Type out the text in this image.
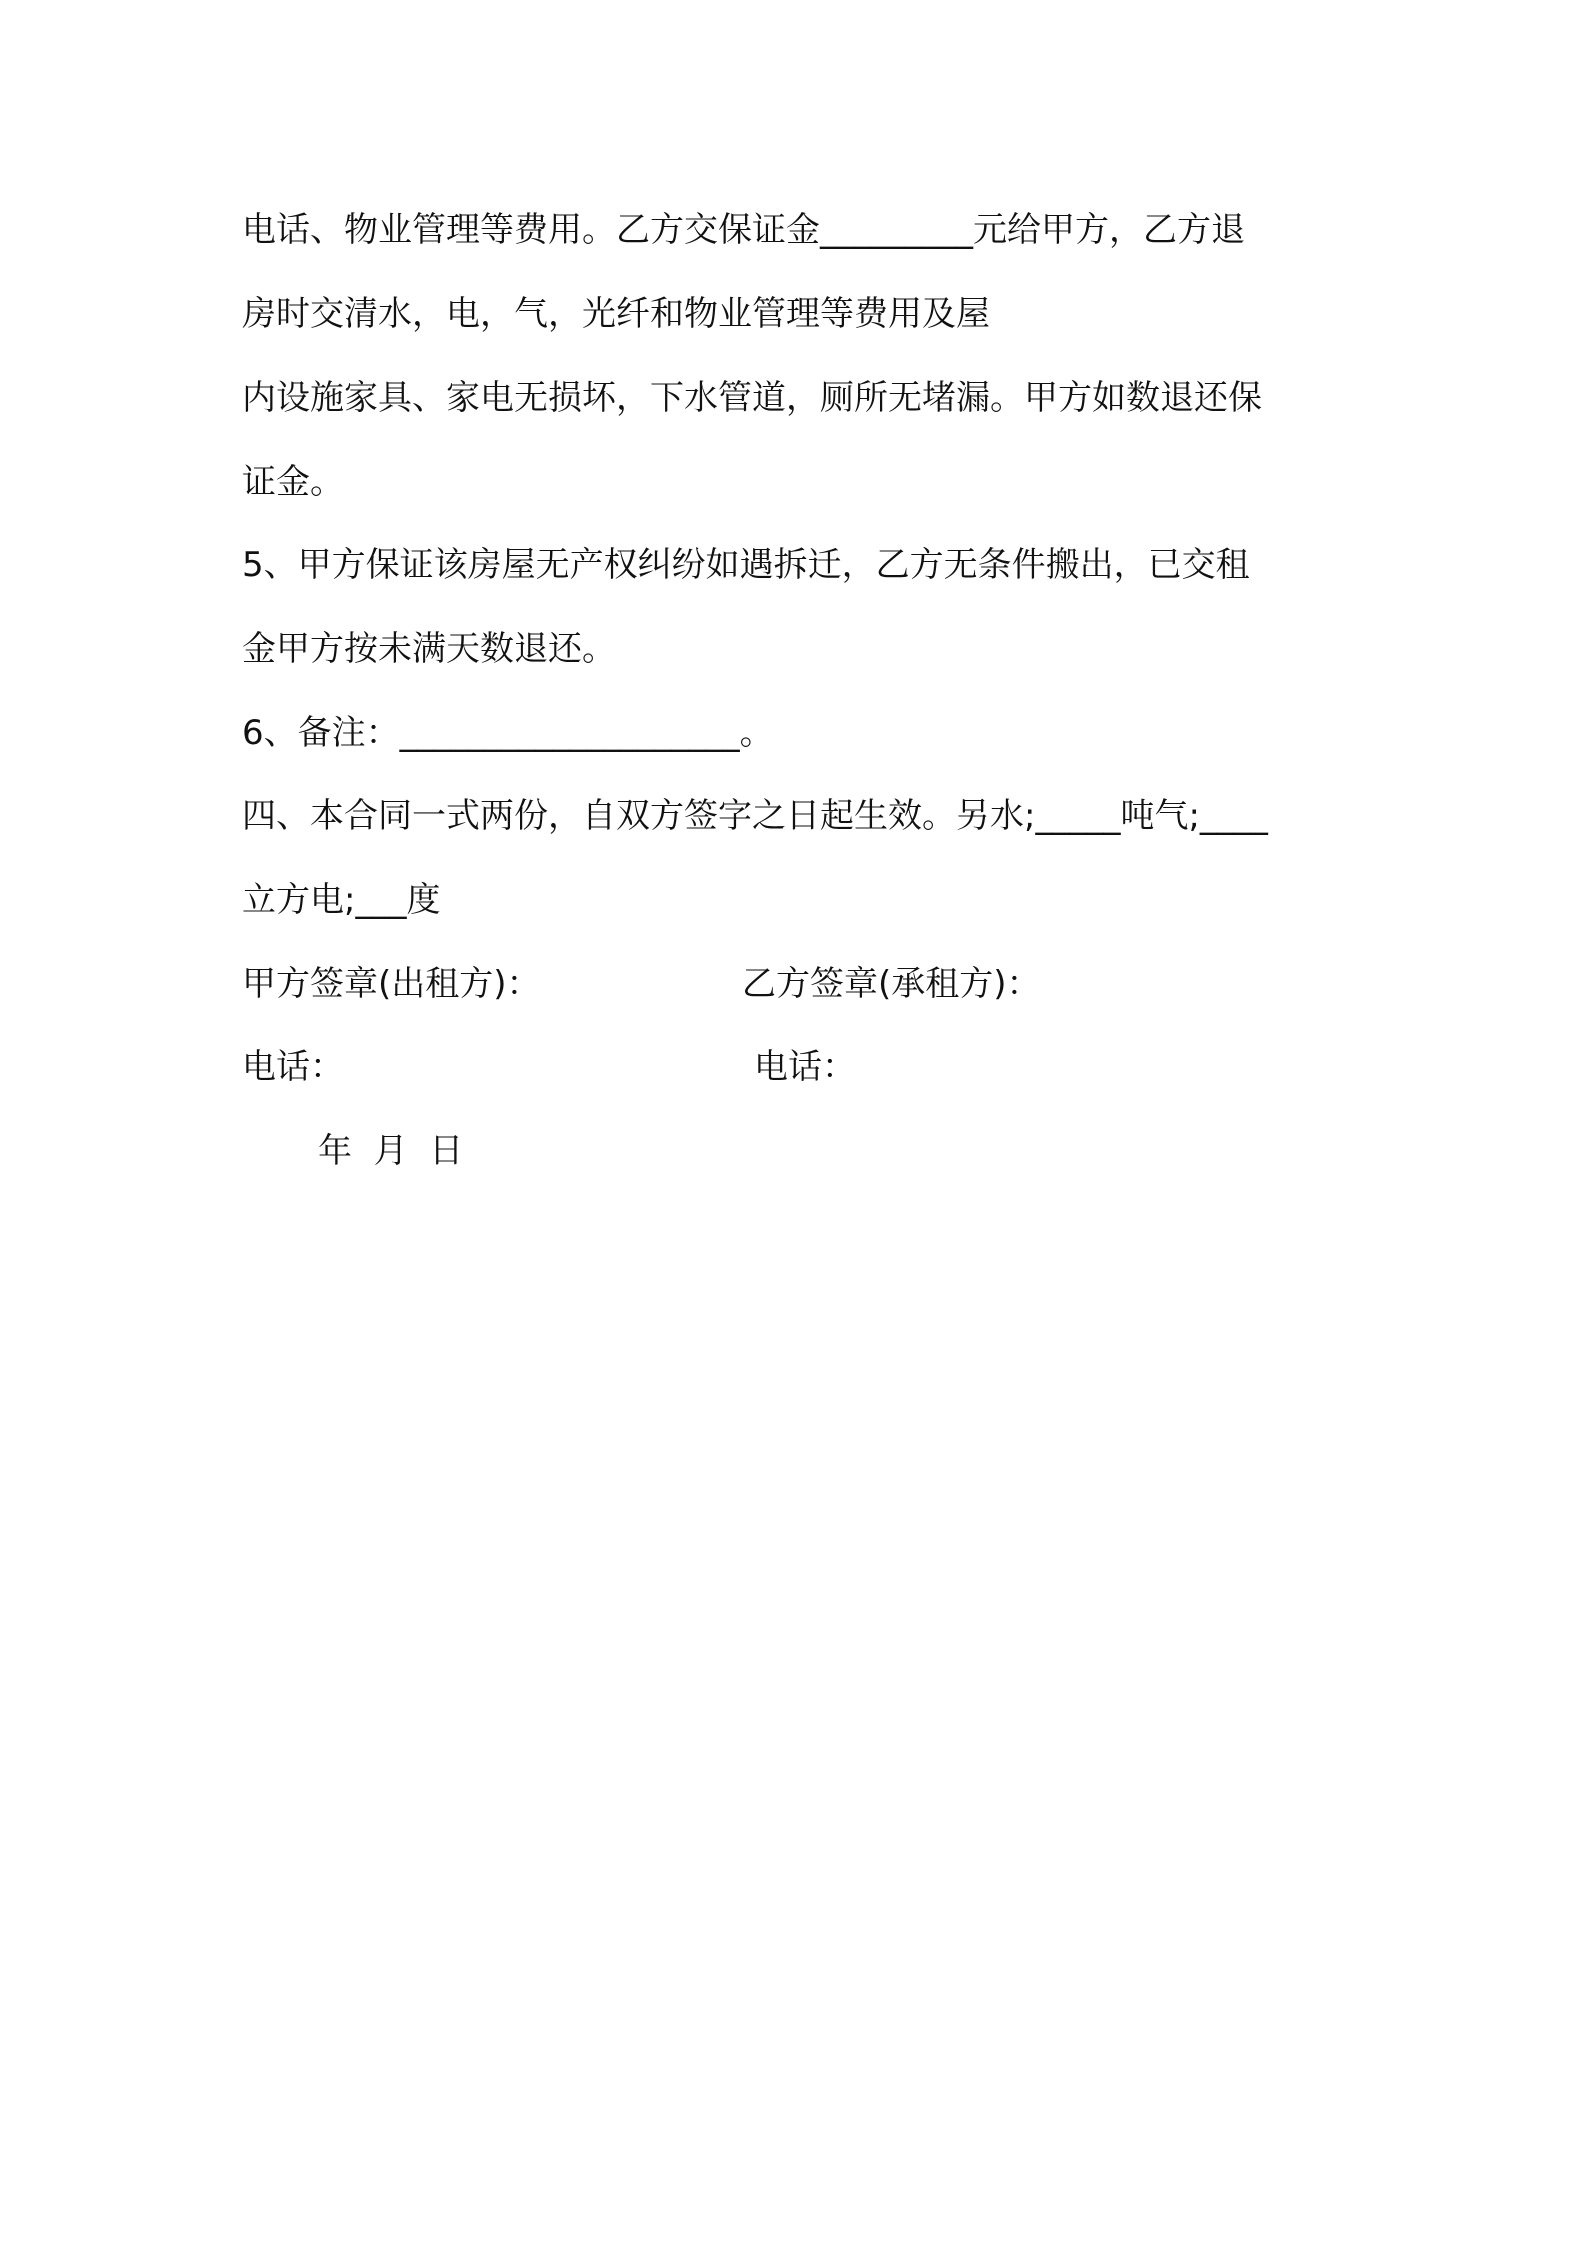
电话、物业管理等费用。乙方交保证金_________元给甲方，乙方退
房时交清水，电，气，光纤和物业管理等费用及屋
内设施家具、家电无损坏，下水管道，厕所无堵漏。甲方如数退还保
证金。
5、甲方保证该房屋无产权纠纷如遇拆迁，乙方无条件搬出，已交租
金甲方按未满天数退还。
6、备注：____________________。
四、本合同一式两份，自双方签字之日起生效。另水;_____吨气;____
立方电;___度
甲方签章(出租方)：	乙方签章(承租方)：
电话：	电话：
年  月  日
